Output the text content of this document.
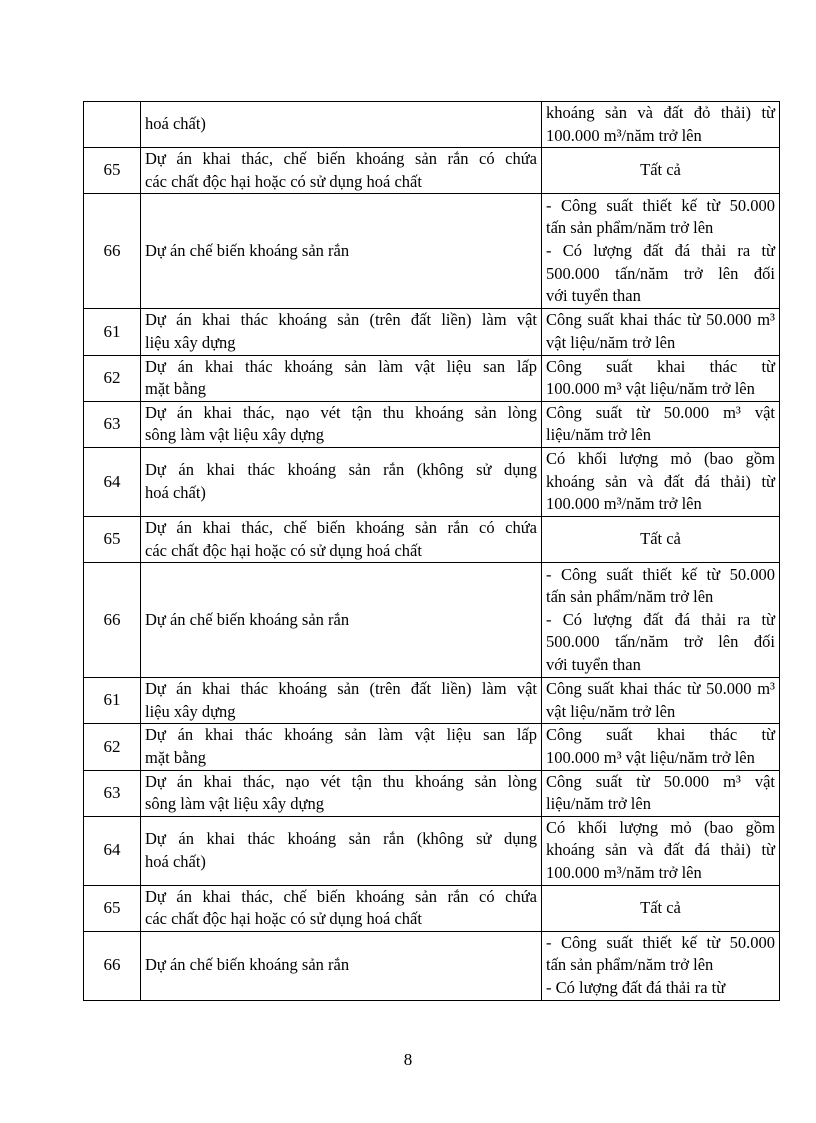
	hoá chất)	khoáng sản và đất đỏ thải) từ
100.000 m³/năm trở lên

65	Dự án khai thác, chế biến khoáng sản rắn có chứa
các chất độc hại hoặc có sử dụng hoá chất	Tất cả

66	Dự án chế biến khoáng sản rắn	- Công suất thiết kế từ 50.000
tấn sản phẩm/năm trở lên
- Có lượng đất đá thải ra từ
500.000 tấn/năm trở lên đối
với tuyển than

61	Dự án khai thác khoáng sản (trên đất liền) làm vật
liệu xây dựng	Công suất khai thác từ 50.000 m³
vật liệu/năm trở lên

62	Dự án khai thác khoáng sản làm vật liệu san lấp
mặt bằng	Công suất khai thác từ
100.000 m³ vật liệu/năm trở lên

63	Dự án khai thác, nạo vét tận thu khoáng sản lòng
sông làm vật liệu xây dựng	Công suất từ 50.000 m³ vật
liệu/năm trở lên

64	Dự án khai thác khoáng sản rắn (không sử dụng
hoá chất)	Có khối lượng mỏ (bao gồm
khoáng sản và đất đá thải) từ
100.000 m³/năm trở lên

65	Dự án khai thác, chế biến khoáng sản rắn có chứa
các chất độc hại hoặc có sử dụng hoá chất	Tất cả

66	Dự án chế biến khoáng sản rắn	- Công suất thiết kế từ 50.000
tấn sản phẩm/năm trở lên
- Có lượng đất đá thải ra từ
500.000 tấn/năm trở lên đối
với tuyển than

61	Dự án khai thác khoáng sản (trên đất liền) làm vật
liệu xây dựng	Công suất khai thác từ 50.000 m³
vật liệu/năm trở lên

62	Dự án khai thác khoáng sản làm vật liệu san lấp
mặt bằng	Công suất khai thác từ
100.000 m³ vật liệu/năm trở lên

63	Dự án khai thác, nạo vét tận thu khoáng sản lòng
sông làm vật liệu xây dựng	Công suất từ 50.000 m³ vật
liệu/năm trở lên

64	Dự án khai thác khoáng sản rắn (không sử dụng
hoá chất)	Có khối lượng mỏ (bao gồm
khoáng sản và đất đá thải) từ
100.000 m³/năm trở lên

65	Dự án khai thác, chế biến khoáng sản rắn có chứa
các chất độc hại hoặc có sử dụng hoá chất	Tất cả

66	Dự án chế biến khoáng sản rắn	- Công suất thiết kế từ 50.000
tấn sản phẩm/năm trở lên
- Có lượng đất đá thải ra từ
8
